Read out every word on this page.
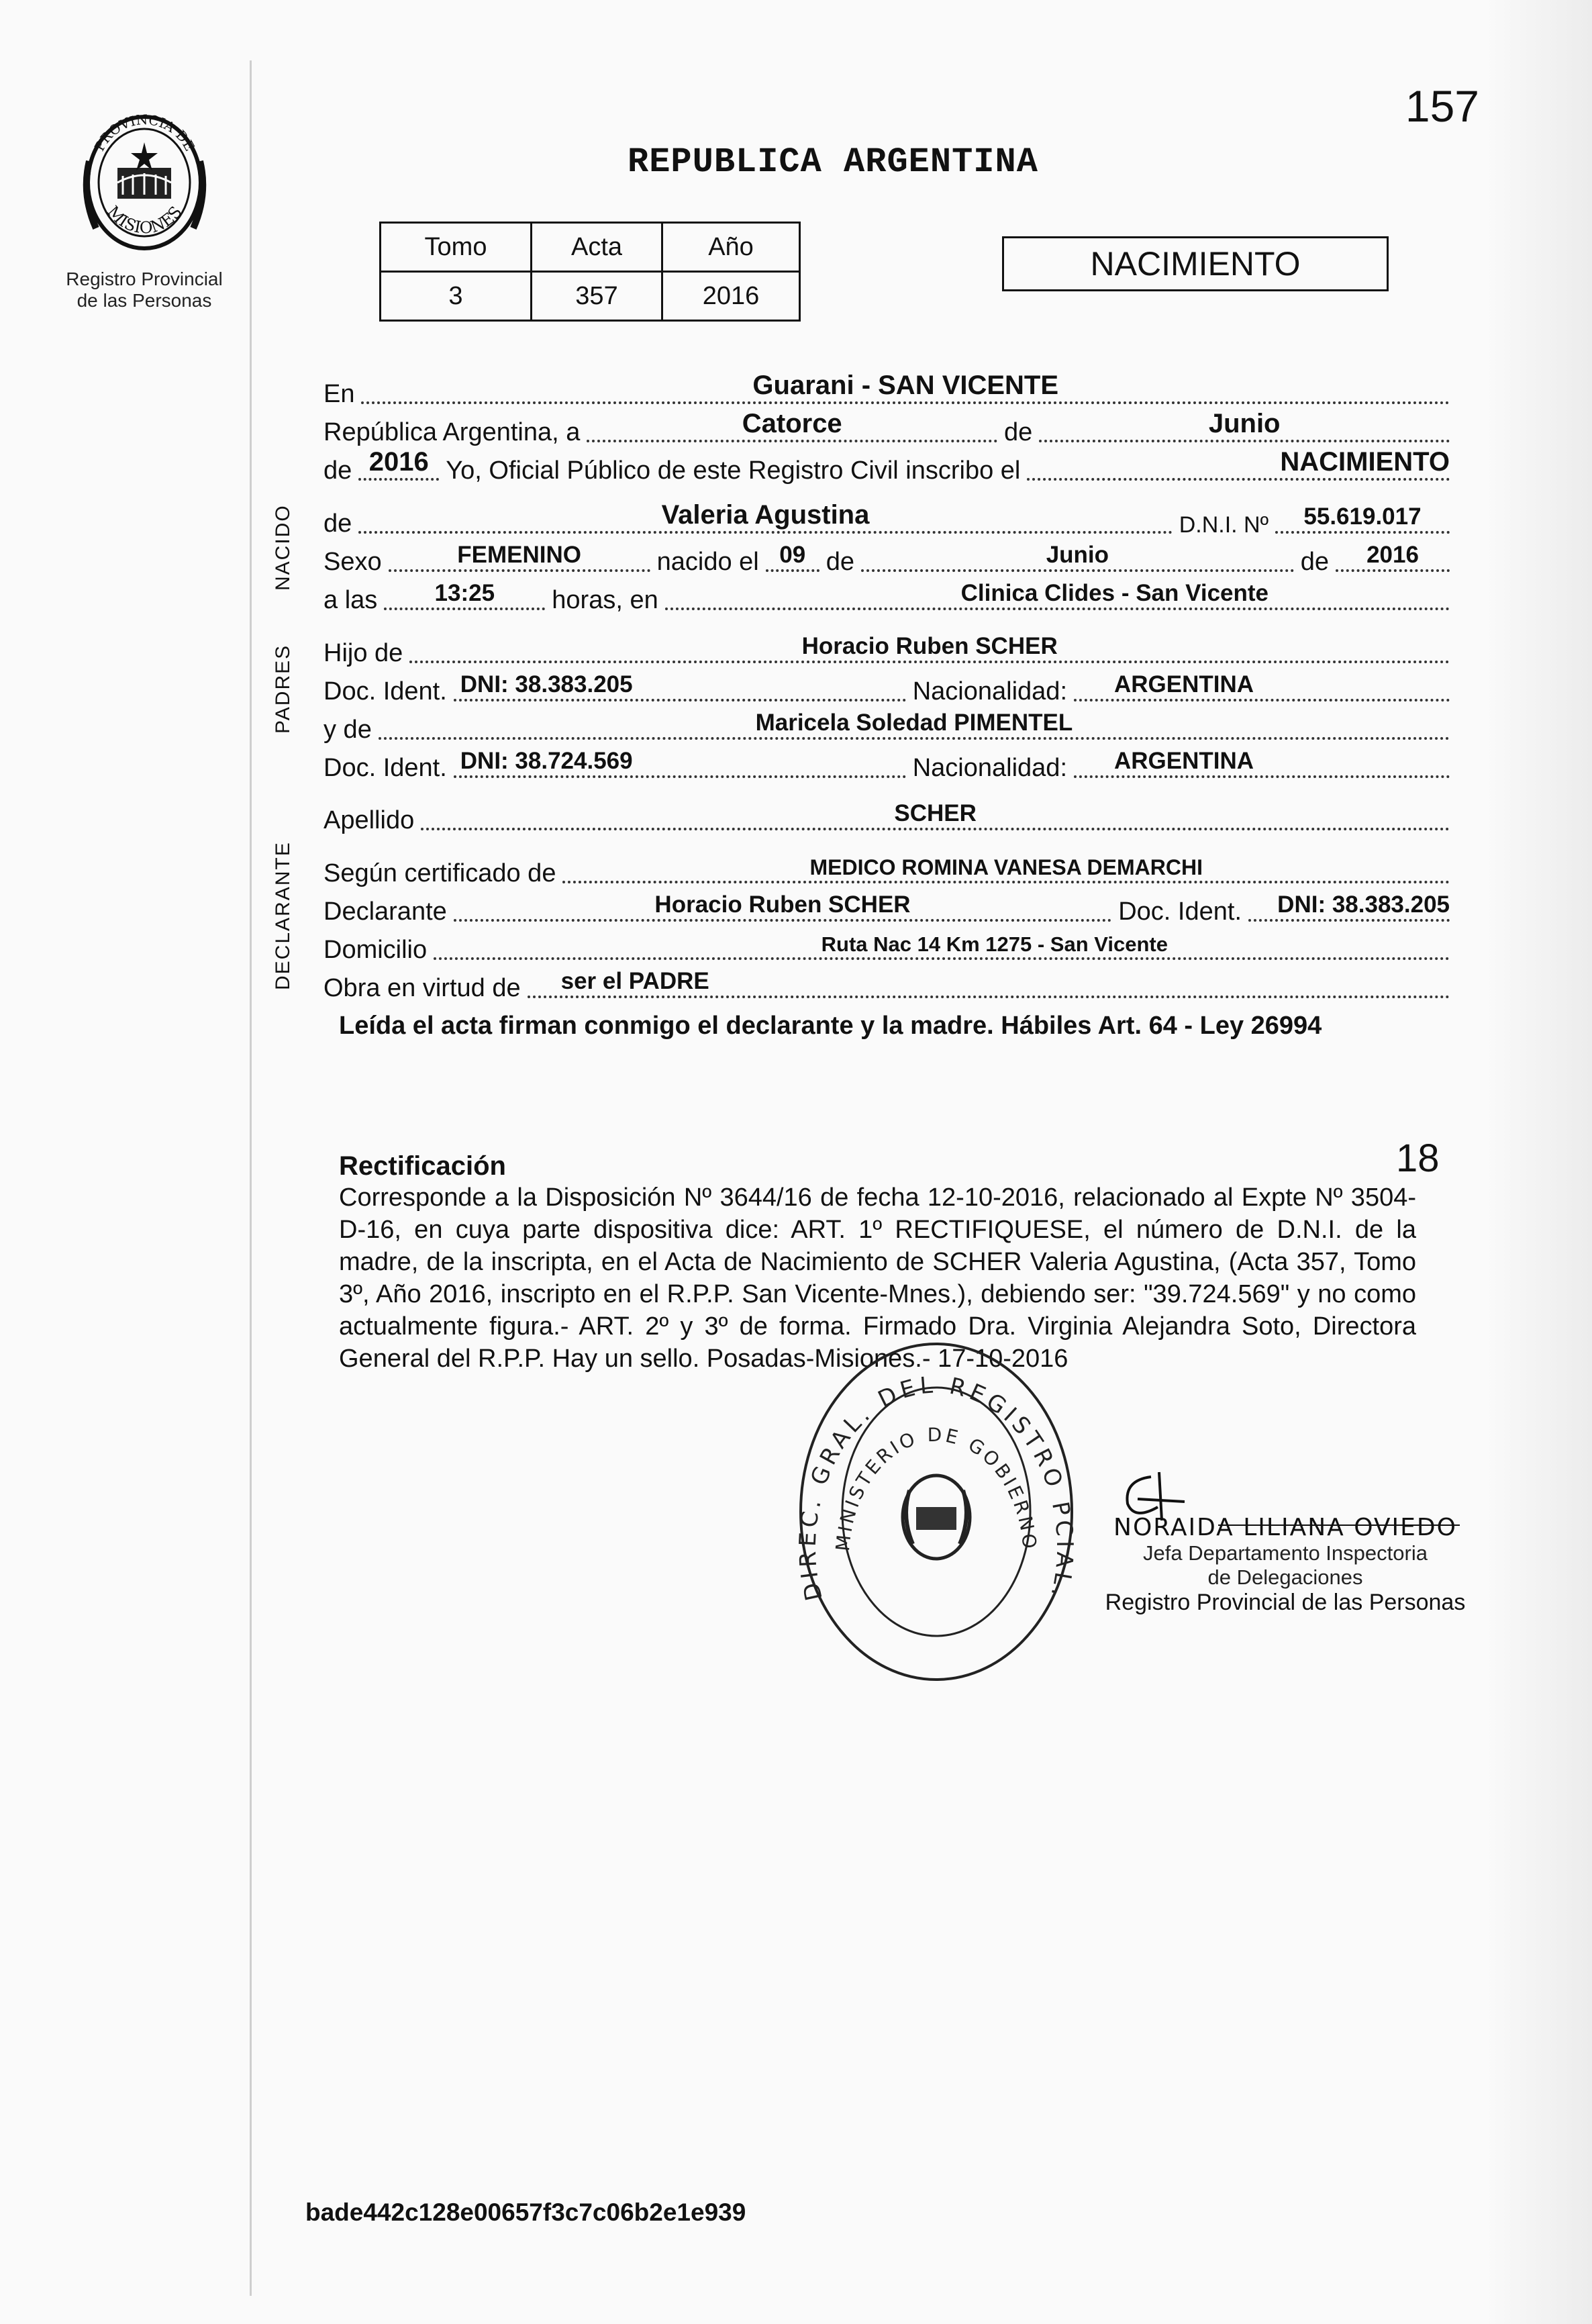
PROVINCIA DE
MISIONES
Registro Provincial
de las Personas
157
REPUBLICA ARGENTINA
Tomo	Acta	Año
3	357	2016
NACIMIENTO
NACIDO
PADRES
DECLARANTE
En	Guarani - SAN VICENTE
República Argentina, a	Catorce	de	Junio
de 2016 Yo, Oficial Público de este Registro Civil inscribo el	NACIMIENTO
de	Valeria Agustina	D.N.I. Nº	55.619.017
Sexo	FEMENINO	nacido el 09 de	Junio	de	2016
a las	13:25	horas, en	Clinica Clides - San Vicente
Hijo de	Horacio Ruben SCHER
Doc. Ident. DNI: 38.383.205	Nacionalidad:	ARGENTINA
y de	Maricela Soledad PIMENTEL
Doc. Ident. DNI: 38.724.569	Nacionalidad:	ARGENTINA
Apellido	SCHER
Según certificado de	MEDICO ROMINA VANESA DEMARCHI
Declarante	Horacio Ruben SCHER	Doc. Ident.	DNI: 38.383.205
Domicilio	Ruta Nac 14 Km 1275 - San Vicente
Obra en virtud de	ser el PADRE
Leída el acta firman conmigo el declarante y la madre. Hábiles Art. 64 - Ley 26994
Rectificación	18
Corresponde a la Disposición Nº 3644/16 de fecha 12-10-2016, relacionado al Expte Nº 3504-D-16, en cuya parte dispositiva dice: ART. 1º RECTIFIQUESE, el número de D.N.I. de la madre, de la inscripta, en el Acta de Nacimiento de SCHER Valeria Agustina, (Acta 357, Tomo 3º, Año 2016, inscripto en el R.P.P. San Vicente-Mnes.), debiendo ser: "39.724.569" y no como actualmente figura.- ART. 2º y 3º de forma. Firmado Dra. Virginia Alejandra Soto, Directora General del R.P.P. Hay un sello. Posadas-Misiones.- 17-10-2016
DIREC. GRAL. DEL REGISTRO PCIAL.
MINISTERIO DE GOBIERNO
NORAIDA LILIANA OVIEDO
Jefa Departamento Inspectoria
de Delegaciones
Registro Provincial de las Personas
bade442c128e00657f3c7c06b2e1e939
